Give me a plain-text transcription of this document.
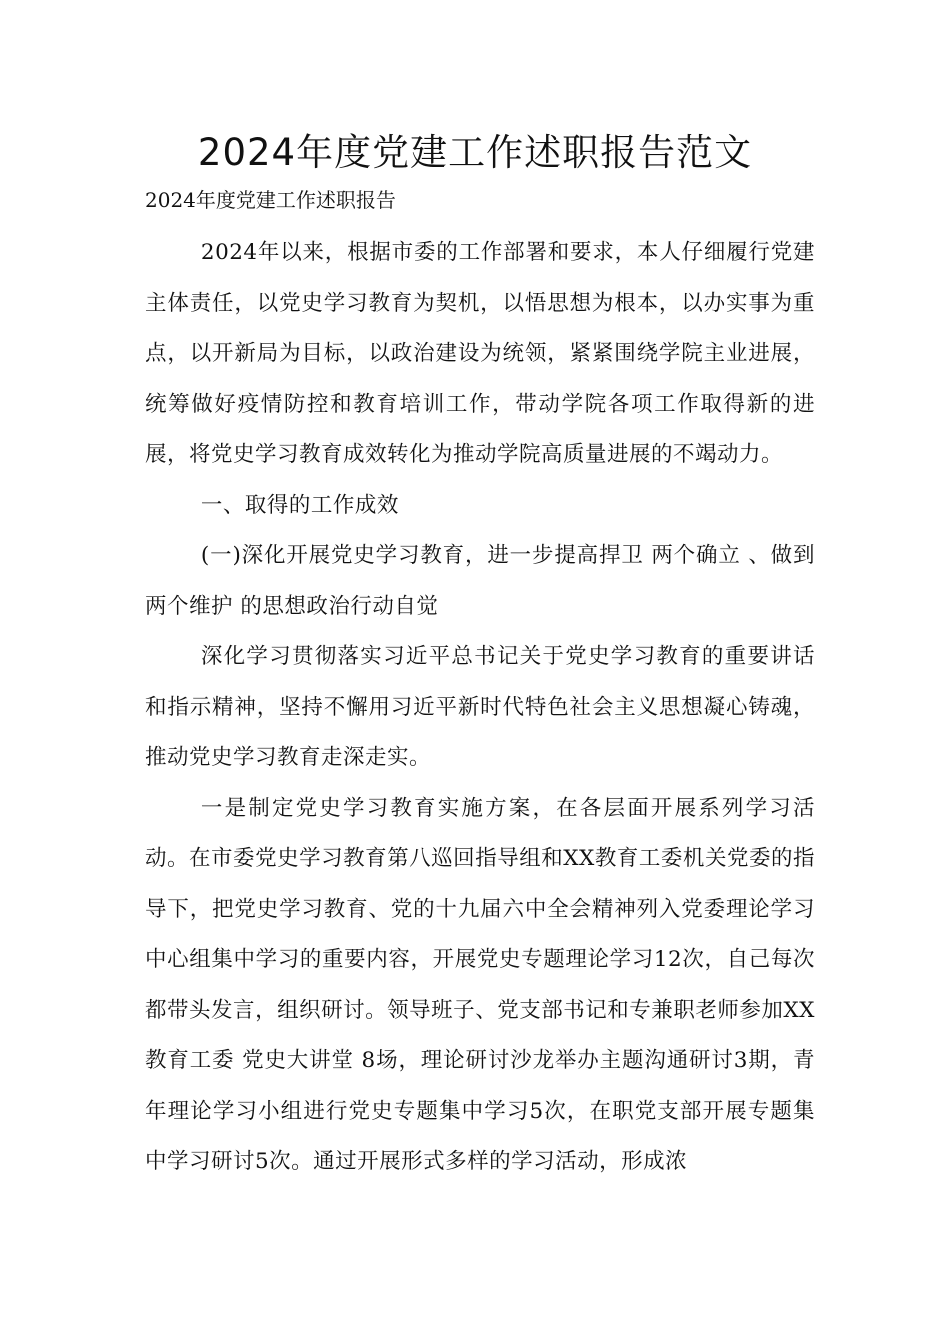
2024年度党建工作述职报告范文

2024年度党建工作述职报告

2024年以来，根据市委的工作部署和要求，本人仔细履行党建主体责任，以党史学习教育为契机，以悟思想为根本，以办实事为重点，以开新局为目标，以政治建设为统领，紧紧围绕学院主业进展，统筹做好疫情防控和教育培训工作，带动学院各项工作取得新的进展，将党史学习教育成效转化为推动学院高质量进展的不竭动力。

一、取得的工作成效

(一)深化开展党史学习教育，进一步提高捍卫 两个确立 、做到 两个维护 的思想政治行动自觉

深化学习贯彻落实习近平总书记关于党史学习教育的重要讲话和指示精神，坚持不懈用习近平新时代特色社会主义思想凝心铸魂，推动党史学习教育走深走实。

一是制定党史学习教育实施方案，在各层面开展系列学习活动。在市委党史学习教育第八巡回指导组和XX教育工委机关党委的指导下，把党史学习教育、党的十九届六中全会精神列入党委理论学习中心组集中学习的重要内容，开展党史专题理论学习12次，自己每次都带头发言，组织研讨。领导班子、党支部书记和专兼职老师参加XX教育工委 党史大讲堂 8场，理论研讨沙龙举办主题沟通研讨3期，青年理论学习小组进行党史专题集中学习5次，在职党支部开展专题集中学习研讨5次。通过开展形式多样的学习活动，形成浓
